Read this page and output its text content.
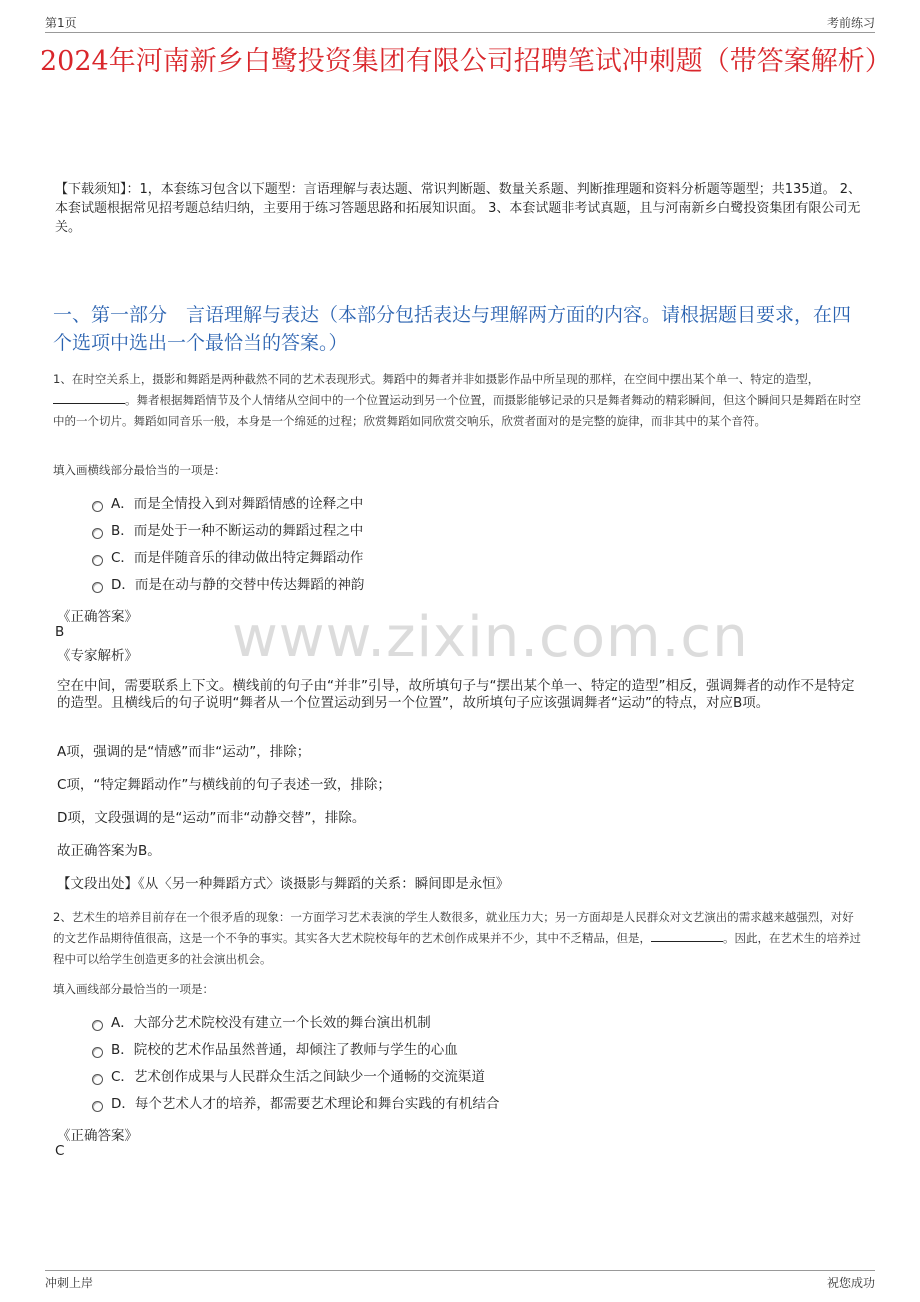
第1页	考前练习
2024年河南新乡白鹭投资集团有限公司招聘笔试冲刺题（带答案解析）
【下载须知】：1，本套练习包含以下题型：言语理解与表达题、常识判断题、数量关系题、判断推理题和资料分析题等题型；共135道。 2、本套试题根据常见招考题总结归纳，主要用于练习答题思路和拓展知识面。 3、本套试题非考试真题，且与河南新乡白鹭投资集团有限公司无关。
一、第一部分　言语理解与表达（本部分包括表达与理解两方面的内容。请根据题目要求，在四个选项中选出一个最恰当的答案。）
1、在时空关系上，摄影和舞蹈是两种截然不同的艺术表现形式。舞蹈中的舞者并非如摄影作品中所呈现的那样，在空间中摆出某个单一、特定的造型，。舞者根据舞蹈情节及个人情绪从空间中的一个位置运动到另一个位置，而摄影能够记录的只是舞者舞动的精彩瞬间，但这个瞬间只是舞蹈在时空中的一个切片。舞蹈如同音乐一般，本身是一个绵延的过程；欣赏舞蹈如同欣赏交响乐，欣赏者面对的是完整的旋律，而非其中的某个音符。
填入画横线部分最恰当的一项是：
A．而是全情投入到对舞蹈情感的诠释之中
B．而是处于一种不断运动的舞蹈过程之中
C．而是伴随音乐的律动做出特定舞蹈动作
D．而是在动与静的交替中传达舞蹈的神韵
《正确答案》
B	www.zixin.com.cn
《专家解析》
空在中间，需要联系上下文。横线前的句子由“并非”引导，故所填句子与“摆出某个单一、特定的造型”相反，强调舞者的动作不是特定的造型。且横线后的句子说明“舞者从一个位置运动到另一个位置”，故所填句子应该强调舞者“运动”的特点，对应B项。
A项，强调的是“情感”而非“运动”，排除；
C项，“特定舞蹈动作”与横线前的句子表述一致，排除；
D项，文段强调的是“运动”而非“动静交替”，排除。
故正确答案为B。
【文段出处】《从〈另一种舞蹈方式〉谈摄影与舞蹈的关系：瞬间即是永恒》
2、艺术生的培养目前存在一个很矛盾的现象：一方面学习艺术表演的学生人数很多，就业压力大；另一方面却是人民群众对文艺演出的需求越来越强烈，对好的文艺作品期待值很高，这是一个不争的事实。其实各大艺术院校每年的艺术创作成果并不少，其中不乏精品，但是，	。因此，在艺术生的培养过程中可以给学生创造更多的社会演出机会。
填入画线部分最恰当的一项是：
A．大部分艺术院校没有建立一个长效的舞台演出机制
B．院校的艺术作品虽然普通，却倾注了教师与学生的心血
C．艺术创作成果与人民群众生活之间缺少一个通畅的交流渠道
D．每个艺术人才的培养，都需要艺术理论和舞台实践的有机结合
《正确答案》
C
冲刺上岸	祝您成功
